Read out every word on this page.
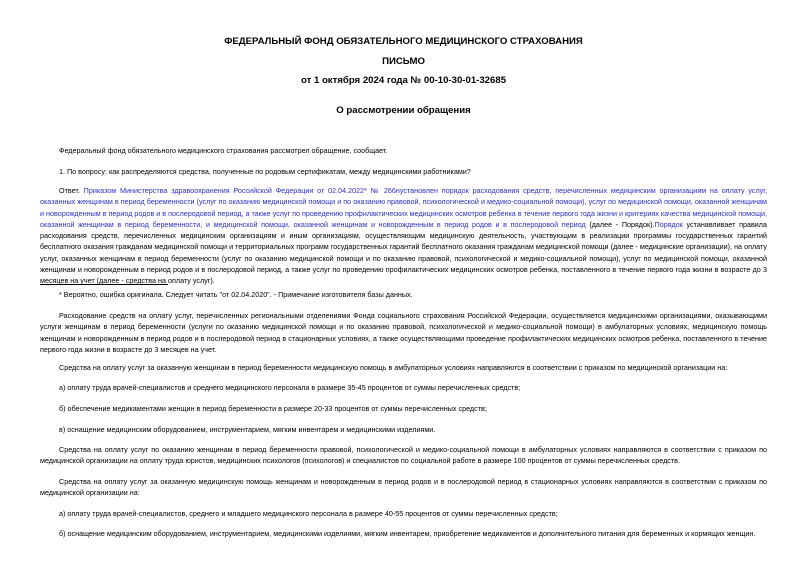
ФЕДЕРАЛЬНЫЙ ФОНД ОБЯЗАТЕЛЬНОГО МЕДИЦИНСКОГО СТРАХОВАНИЯ
ПИСЬМО
от 1 октября 2024 года № 00-10-30-01-32685
О рассмотрении обращения

Федеральный фонд обязательного медицинского страхования рассмотрел обращение, сообщает.

1. По вопросу: как распределяются средства, полученные по родовым сертификатам, между медицинскими работниками?

Ответ. Приказом Министерства здравоохранения Российской Федерации от 02.04.2022* № 266нустановлен порядок расходования средств, перечисленных медицинским организациям на оплату услуг, оказанных женщинам в период беременности (услуг по оказанию медицинской помощи и по оказанию правовой, психологической и медико-социальной помощи), услуг по медицинской помощи, оказанной женщинам и новорожденным в период родов и в послеродовой период, а также услуг по проведению профилактических медицинских осмотров ребенка в течение первого года жизни и критериях качества медицинской помощи, оказанной женщинам в период беременности, и медицинской помощи, оказанной женщинам и новорожденным в период родов и в послеродовой период (далее - Порядок).Порядок устанавливает правила расходования средств, перечисленных медицинским организациям и иным организациям, осуществляющим медицинскую деятельность, участвующим в реализации программы государственных гарантий бесплатного оказания гражданам медицинской помощи и территориальных программ государственных гарантий бесплатного оказания гражданам медицинской помощи (далее - медицинские организации), на оплату услуг, оказанных женщинам в период беременности (услуг по оказанию медицинской помощи и по оказанию правовой, психологической и медико-социальной помощи), услуг по медицинской помощи, оказанной женщинам и новорожденным в период родов и в послеродовой период, а также услуг по проведению профилактических медицинских осмотров ребенка, поставленного в течение первого года жизни в возрасте до 3 месяцев на учет (далее - средства на оплату услуг).

* Вероятно, ошибка оригинала. Следует читать "от 02.04.2020". - Примечание изготовителя базы данных.

Расходование средств на оплату услуг, перечисленных региональными отделениями Фонда социального страхования Российской Федерации, осуществляется медицинскими организациями, оказывающими услуги женщинам в период беременности (услуги по оказанию медицинской помощи и по оказанию правовой, психологической и медико-социальной помощи) в амбулаторных условиях, медицинскую помощь женщинам и новорожденным в период родов и в послеродовой период в стационарных условиях, а также осуществляющими проведение профилактических медицинских осмотров ребенка, поставленного в течение первого года жизни в возрасте до 3 месяцев на учет.

Средства на оплату услуг за оказанную женщинам в период беременности медицинскую помощь в амбулаторных условиях направляются в соответствии с приказом по медицинской организации на:

а) оплату труда врачей-специалистов и среднего медицинского персонала в размере 35-45 процентов от суммы перечисленных средств;

б) обеспечение медикаментами женщин в период беременности в размере 20-33 процентов от суммы перечисленных средств;

в) оснащение медицинским оборудованием, инструментарием, мягким инвентарем и медицинскими изделиями.

Средства на оплату услуг по оказанию женщинам в период беременности правовой, психологической и медико-социальной помощи в амбулаторных условиях направляются в соответствии с приказом по медицинской организации на оплату труда юристов, медицинских психологов (психологов) и специалистов по социальной работе в размере 100 процентов от суммы перечисленных средств.

Средства на оплату услуг за оказанную медицинскую помощь женщинам и новорожденным в период родов и в послеродовой период в стационарных условиях направляются в соответствии с приказом по медицинской организации на:

а) оплату труда врачей-специалистов, среднего и младшего медицинского персонала в размере 40-55 процентов от суммы перечисленных средств;

б) оснащение медицинским оборудованием, инструментарием, медицинскими изделиями, мягким инвентарем, приобретение медикаментов и дополнительного питания для беременных и кормящих женщин.
